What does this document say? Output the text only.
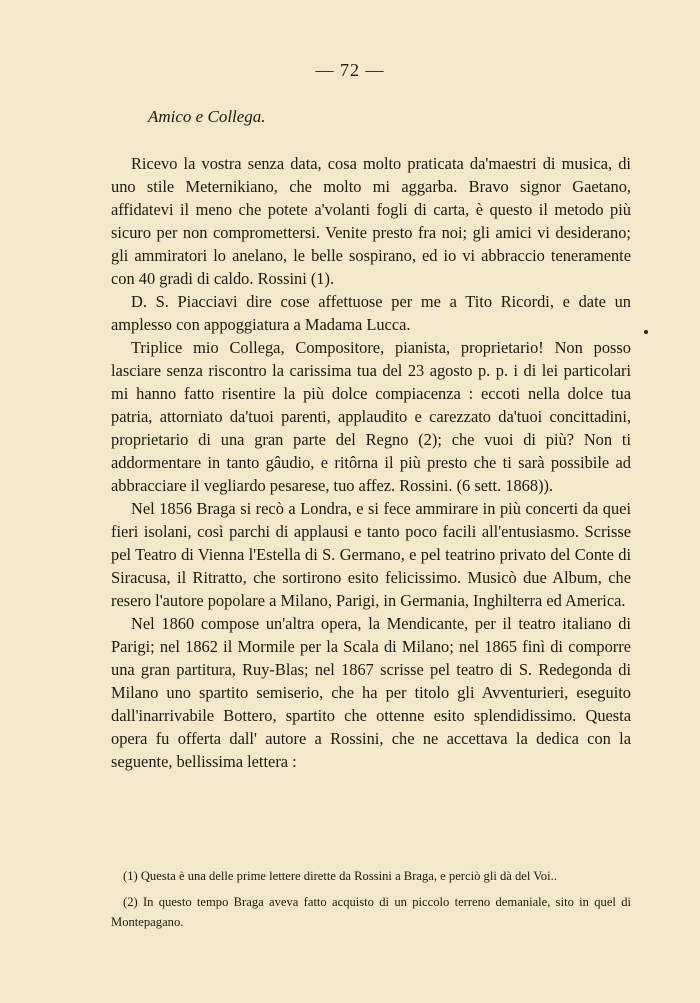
— 72 —
Amico e Collega.

Ricevo la vostra senza data, cosa molto praticata da'maestri di musica, di uno stile Meternikiano, che molto mi aggarba. Bravo signor Gaetano, affidatevi il meno che potete a'volanti fogli di carta, è questo il metodo più sicuro per non compromettersi. Venite presto fra noi; gli amici vi desiderano; gli ammiratori lo anelano, le belle sospirano, ed io vi abbraccio teneramente con 40 gradi di caldo. Rossini (1).

D. S. Piacciavi dire cose affettuose per me a Tito Ricordi, e date un amplesso con appoggiatura a Madama Lucca.

Triplice mio Collega, Compositore, pianista, proprietario! Non posso lasciare senza riscontro la carissima tua del 23 agosto p. p. i di lei particolari mi hanno fatto risentire la più dolce compiacenza : eccoti nella dolce tua patria, attorniato da'tuoi parenti, applaudito e carezzato da'tuoi concittadini, proprietario di una gran parte del Regno (2); che vuoi di più? Non ti addormentare in tanto gâudio, e ritôrna il più presto che ti sarà possibile ad abbracciare il vegliardo pesarese, tuo affez. Rossini. (6 sett. 1868)).

Nel 1856 Braga si recò a Londra, e si fece ammirare in più concerti da quei fieri isolani, così parchi di applausi e tanto poco facili all'entusiasmo. Scrisse pel Teatro di Vienna l'Estella di S. Germano, e pel teatrino privato del Conte di Siracusa, il Ritratto, che sortirono esito felicissimo. Musicò due Album, che resero l'autore popolare a Milano, Parigi, in Germania, Inghilterra ed America.

Nel 1860 compose un'altra opera, la Mendicante, per il teatro italiano di Parigi; nel 1862 il Mormile per la Scala di Milano; nel 1865 finì di comporre una gran partitura, Ruy-Blas; nel 1867 scrisse pel teatro di S. Redegonda di Milano uno spartito semiserio, che ha per titolo gli Avventurieri, eseguito dall'inarrivabile Bottero, spartito che ottenne esito splendidissimo. Questa opera fu offerta dall' autore a Rossini, che ne accettava la dedica con la seguente, bellissima lettera :

(1) Questa è una delle prime lettere dirette da Rossini a Braga, e perciò gli dà del Voi..

(2) In questo tempo Braga aveva fatto acquisto di un piccolo terreno demaniale, sito in quel di Montepagano.
